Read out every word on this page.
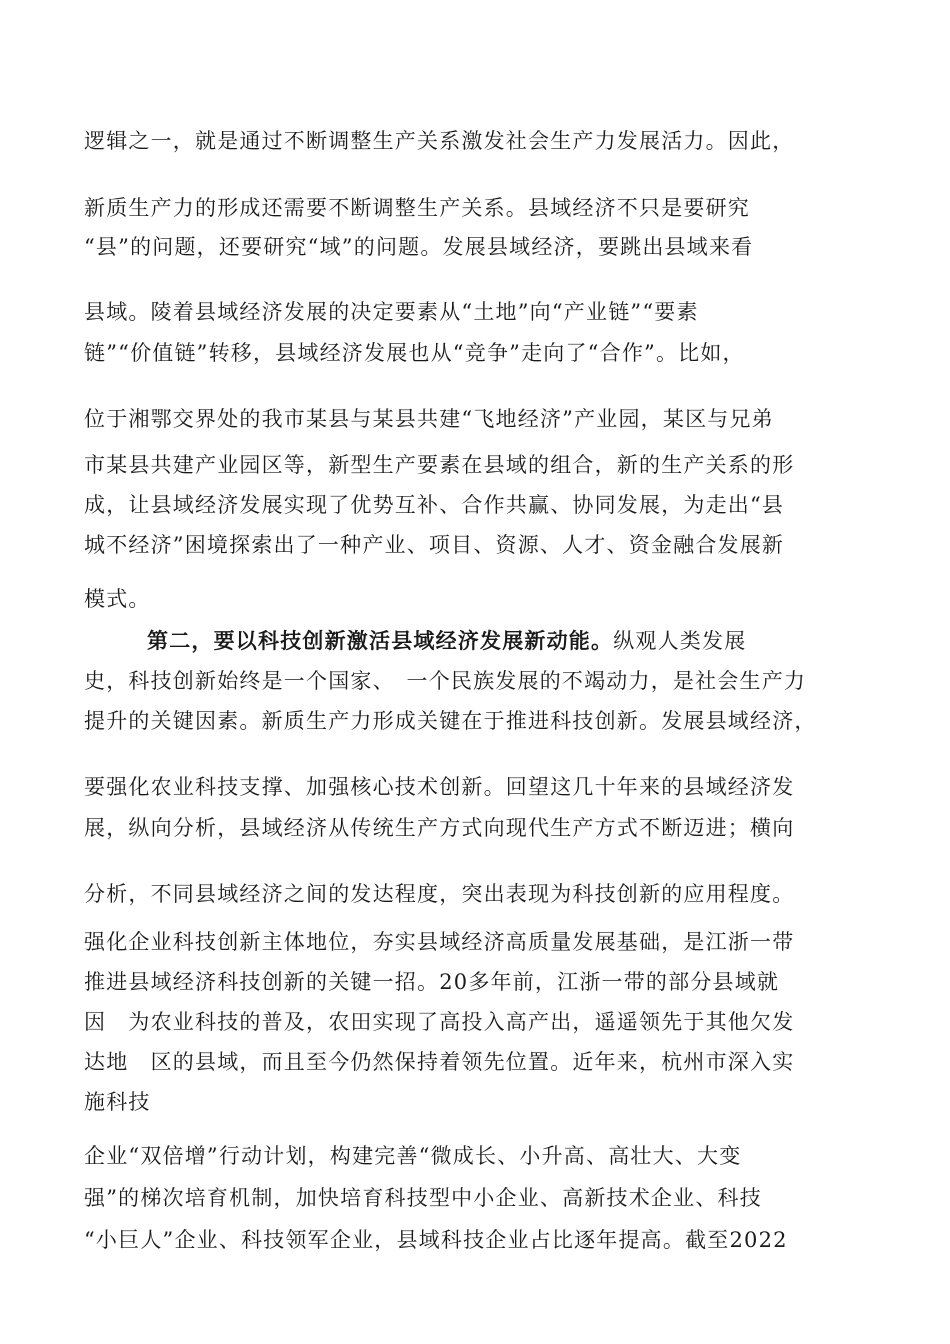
逻辑之一，就是通过不断调整生产关系激发社会生产力发展活力。因此，
新质生产力的形成还需要不断调整生产关系。县域经济不只是要研究
“县”的问题，还要研究“域”的问题。发展县域经济，要跳出县域来看
县域。陵着县域经济发展的决定要素从“土地”向“产业链”“要素
链”“价值链”转移，县域经济发展也从“竞争”走向了“合作”。比如，
位于湘鄂交界处的我市某县与某县共建“飞地经济”产业园，某区与兄弟
市某县共建产业园区等，新型生产要素在县域的组合，新的生产关系的形
成，让县域经济发展实现了优势互补、合作共赢、协同发展，为走出“县
城不经济”困境探索出了一种产业、项目、资源、人才、资金融合发展新
模式。
第二，要以科技创新激活县域经济发展新动能。纵观人类发展
史，科技创新始终是一个国家、　一个民族发展的不竭动力，是社会生产力
提升的关键因素。新质生产力形成关键在于推进科技创新。发展县域经济，
要强化农业科技支撑、加强核心技术创新。回望这几十年来的县域经济发
展，纵向分析，县域经济从传统生产方式向现代生产方式不断迈进；横向
分析，不同县域经济之间的发达程度，突出表现为科技创新的应用程度。
强化企业科技创新主体地位，夯实县域经济高质量发展基础，是江浙一带
推进县域经济科技创新的关键一招。20多年前，江浙一带的部分县域就
因　为农业科技的普及，农田实现了高投入高产出，遥遥领先于其他欠发
达地　区的县域，而且至今仍然保持着领先位置。近年来，杭州市深入实
施科技
企业“双倍增”行动计划，构建完善“微成长、小升高、高壮大、大变
强”的梯次培育机制，加快培育科技型中小企业、高新技术企业、科技
“小巨人”企业、科技领军企业，县域科技企业占比逐年提高。截至2022
